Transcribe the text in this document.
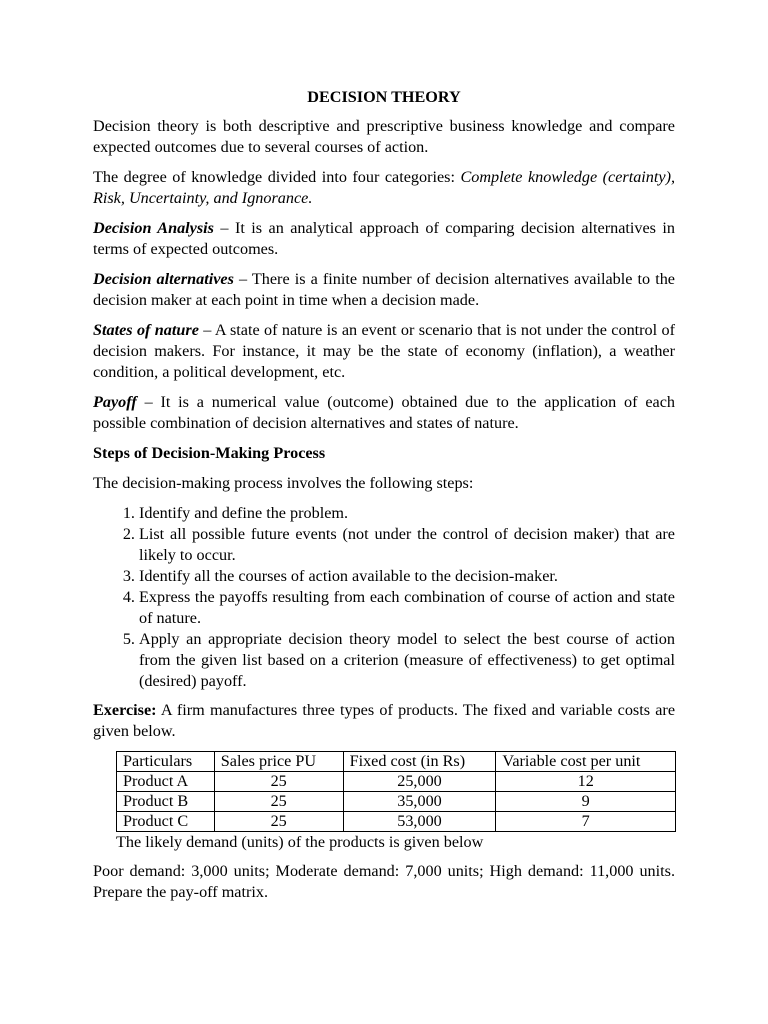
DECISION THEORY

Decision theory is both descriptive and prescriptive business knowledge and compare expected outcomes due to several courses of action.

The degree of knowledge divided into four categories: Complete knowledge (certainty), Risk, Uncertainty, and Ignorance.

Decision Analysis – It is an analytical approach of comparing decision alternatives in terms of expected outcomes.

Decision alternatives – There is a finite number of decision alternatives available to the decision maker at each point in time when a decision made.

States of nature – A state of nature is an event or scenario that is not under the control of decision makers. For instance, it may be the state of economy (inflation), a weather condition, a political development, etc.

Payoff – It is a numerical value (outcome) obtained due to the application of each possible combination of decision alternatives and states of nature.

Steps of Decision-Making Process

The decision-making process involves the following steps:

1. Identify and define the problem.
2. List all possible future events (not under the control of decision maker) that are likely to occur.
3. Identify all the courses of action available to the decision-maker.
4. Express the payoffs resulting from each combination of course of action and state of nature.
5. Apply an appropriate decision theory model to select the best course of action from the given list based on a criterion (measure of effectiveness) to get optimal (desired) payoff.

Exercise: A firm manufactures three types of products. The fixed and variable costs are given below.

Particulars	Sales price PU	Fixed cost (in Rs)	Variable cost per unit
Product A	25	25,000	12
Product B	25	35,000	9
Product C	25	53,000	7
The likely demand (units) of the products is given below

Poor demand: 3,000 units; Moderate demand: 7,000 units; High demand: 11,000 units. Prepare the pay-off matrix.
